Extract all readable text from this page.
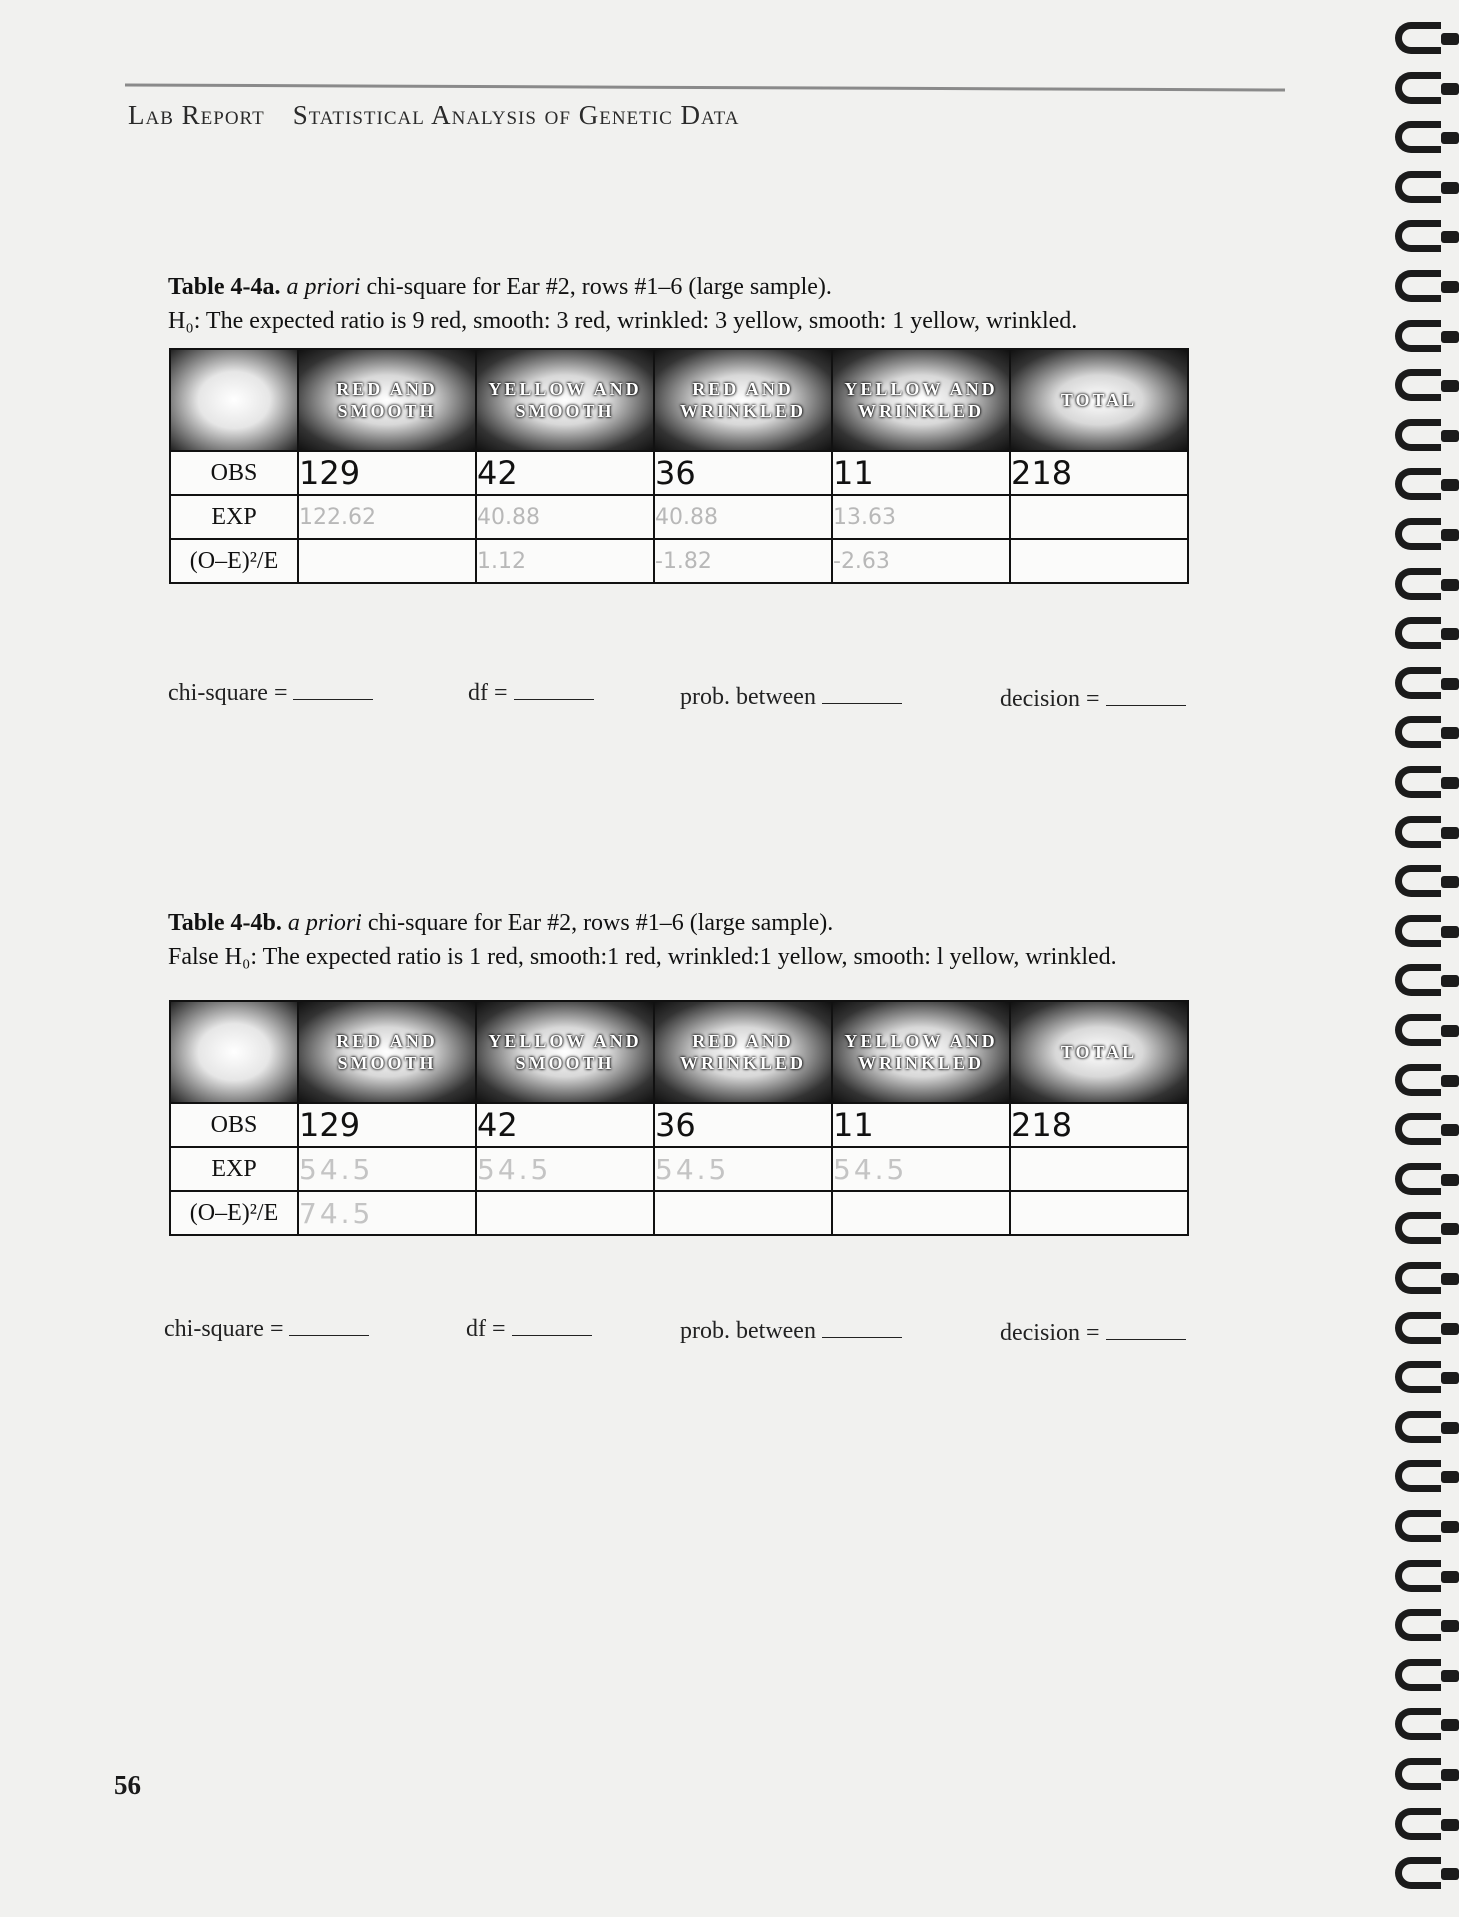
Lab Report Statistical Analysis of Genetic Data
Table 4-4a. a priori chi-square for Ear #2, rows #1–6 (large sample).
H₀: The expected ratio is 9 red, smooth: 3 red, wrinkled: 3 yellow, smooth: 1 yellow, wrinkled.
	RED AND SMOOTH	YELLOW AND SMOOTH	RED AND WRINKLED	YELLOW AND WRINKLED	TOTAL
OBS	129	42	36	11	218
EXP	122.62	40.88	40.88	13.63	
(O–E)²/E		1.12	-1.82	-2.63	
chi-square =	df =	prob. between	decision =
Table 4-4b. a priori chi-square for Ear #2, rows #1–6 (large sample).
False H₀: The expected ratio is 1 red, smooth:1 red, wrinkled:1 yellow, smooth: l yellow, wrinkled.
	RED AND SMOOTH	YELLOW AND SMOOTH	RED AND WRINKLED	YELLOW AND WRINKLED	TOTAL
OBS	129	42	36	11	218
EXP	54.5	54.5	54.5	54.5	
(O–E)²/E	74.5				
chi-square =	df =	prob. between	decision =
56
